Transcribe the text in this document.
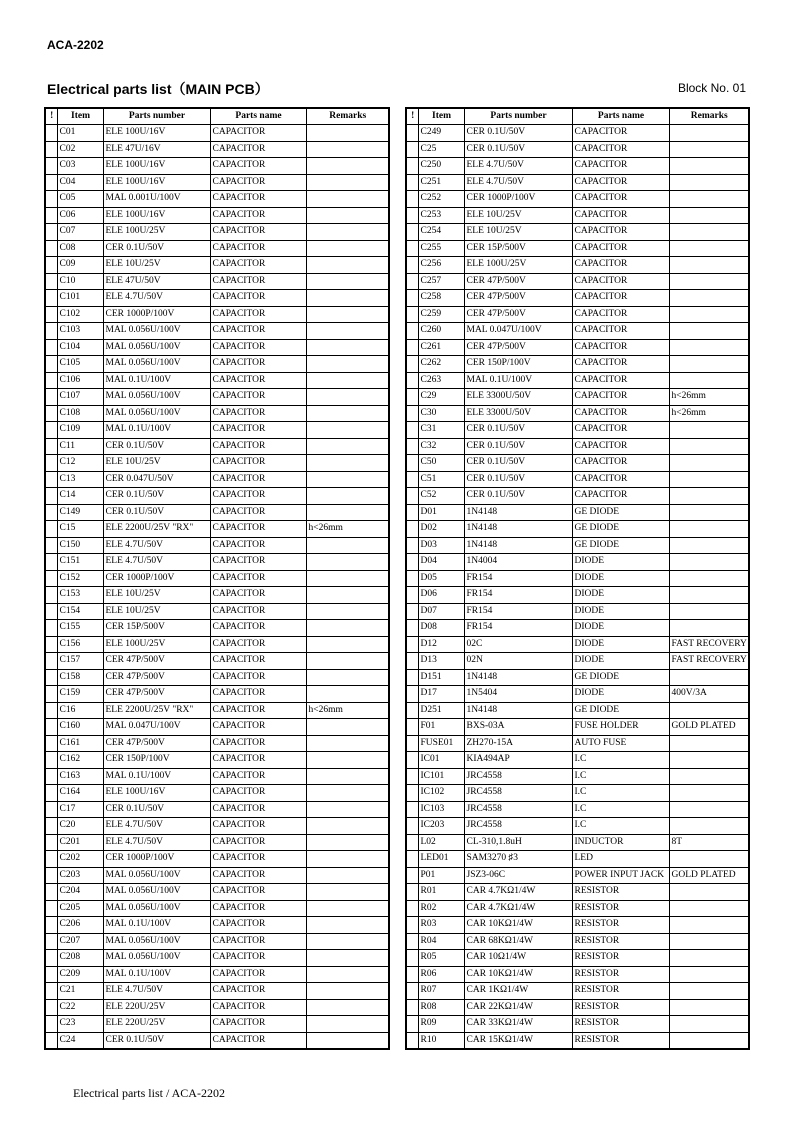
ACA-2202
Electrical parts list（MAIN PCB）	Block No. 01
!	Item	Parts number	Parts name	Remarks
	C01	ELE 100U/16V	CAPACITOR	
	C02	ELE 47U/16V	CAPACITOR	
	C03	ELE 100U/16V	CAPACITOR	
	C04	ELE 100U/16V	CAPACITOR	
	C05	MAL 0.001U/100V	CAPACITOR	
	C06	ELE 100U/16V	CAPACITOR	
	C07	ELE 100U/25V	CAPACITOR	
	C08	CER 0.1U/50V	CAPACITOR	
	C09	ELE 10U/25V	CAPACITOR	
	C10	ELE 47U/50V	CAPACITOR	
	C101	ELE 4.7U/50V	CAPACITOR	
	C102	CER 1000P/100V	CAPACITOR	
	C103	MAL 0.056U/100V	CAPACITOR	
	C104	MAL 0.056U/100V	CAPACITOR	
	C105	MAL 0.056U/100V	CAPACITOR	
	C106	MAL 0.1U/100V	CAPACITOR	
	C107	MAL 0.056U/100V	CAPACITOR	
	C108	MAL 0.056U/100V	CAPACITOR	
	C109	MAL 0.1U/100V	CAPACITOR	
	C11	CER 0.1U/50V	CAPACITOR	
	C12	ELE 10U/25V	CAPACITOR	
	C13	CER 0.047U/50V	CAPACITOR	
	C14	CER 0.1U/50V	CAPACITOR	
	C149	CER 0.1U/50V	CAPACITOR	
	C15	ELE 2200U/25V "RX"	CAPACITOR	h<26mm
	C150	ELE 4.7U/50V	CAPACITOR	
	C151	ELE 4.7U/50V	CAPACITOR	
	C152	CER 1000P/100V	CAPACITOR	
	C153	ELE 10U/25V	CAPACITOR	
	C154	ELE 10U/25V	CAPACITOR	
	C155	CER 15P/500V	CAPACITOR	
	C156	ELE 100U/25V	CAPACITOR	
	C157	CER 47P/500V	CAPACITOR	
	C158	CER 47P/500V	CAPACITOR	
	C159	CER 47P/500V	CAPACITOR	
	C16	ELE 2200U/25V "RX"	CAPACITOR	h<26mm
	C160	MAL 0.047U/100V	CAPACITOR	
	C161	CER 47P/500V	CAPACITOR	
	C162	CER 150P/100V	CAPACITOR	
	C163	MAL 0.1U/100V	CAPACITOR	
	C164	ELE 100U/16V	CAPACITOR	
	C17	CER 0.1U/50V	CAPACITOR	
	C20	ELE 4.7U/50V	CAPACITOR	
	C201	ELE 4.7U/50V	CAPACITOR	
	C202	CER 1000P/100V	CAPACITOR	
	C203	MAL 0.056U/100V	CAPACITOR	
	C204	MAL 0.056U/100V	CAPACITOR	
	C205	MAL 0.056U/100V	CAPACITOR	
	C206	MAL 0.1U/100V	CAPACITOR	
	C207	MAL 0.056U/100V	CAPACITOR	
	C208	MAL 0.056U/100V	CAPACITOR	
	C209	MAL 0.1U/100V	CAPACITOR	
	C21	ELE 4.7U/50V	CAPACITOR	
	C22	ELE 220U/25V	CAPACITOR	
	C23	ELE 220U/25V	CAPACITOR	
	C24	CER 0.1U/50V	CAPACITOR	
!	Item	Parts number	Parts name	Remarks
	C249	CER 0.1U/50V	CAPACITOR	
	C25	CER 0.1U/50V	CAPACITOR	
	C250	ELE 4.7U/50V	CAPACITOR	
	C251	ELE 4.7U/50V	CAPACITOR	
	C252	CER 1000P/100V	CAPACITOR	
	C253	ELE 10U/25V	CAPACITOR	
	C254	ELE 10U/25V	CAPACITOR	
	C255	CER 15P/500V	CAPACITOR	
	C256	ELE 100U/25V	CAPACITOR	
	C257	CER 47P/500V	CAPACITOR	
	C258	CER 47P/500V	CAPACITOR	
	C259	CER 47P/500V	CAPACITOR	
	C260	MAL 0.047U/100V	CAPACITOR	
	C261	CER 47P/500V	CAPACITOR	
	C262	CER 150P/100V	CAPACITOR	
	C263	MAL 0.1U/100V	CAPACITOR	
	C29	ELE 3300U/50V	CAPACITOR	h<26mm
	C30	ELE 3300U/50V	CAPACITOR	h<26mm
	C31	CER 0.1U/50V	CAPACITOR	
	C32	CER 0.1U/50V	CAPACITOR	
	C50	CER 0.1U/50V	CAPACITOR	
	C51	CER 0.1U/50V	CAPACITOR	
	C52	CER 0.1U/50V	CAPACITOR	
	D01	1N4148	GE DIODE	
	D02	1N4148	GE DIODE	
	D03	1N4148	GE DIODE	
	D04	1N4004	DIODE	
	D05	FR154	DIODE	
	D06	FR154	DIODE	
	D07	FR154	DIODE	
	D08	FR154	DIODE	
	D12	02C	DIODE	FAST RECOVERY
	D13	02N	DIODE	FAST RECOVERY
	D151	1N4148	GE DIODE	
	D17	1N5404	DIODE	400V/3A
	D251	1N4148	GE DIODE	
	F01	BXS-03A	FUSE HOLDER	GOLD PLATED
	FUSE01	ZH270-15A	AUTO FUSE	
	IC01	KIA494AP	I.C	
	IC101	JRC4558	I.C	
	IC102	JRC4558	I.C	
	IC103	JRC4558	I.C	
	IC203	JRC4558	I.C	
	L02	CL-310,1.8uH	INDUCTOR	8T
	LED01	SAM3270 ♯3	LED	
	P01	JSZ3-06C	POWER INPUT JACK	GOLD PLATED
	R01	CAR 4.7KΩ1/4W	RESISTOR	
	R02	CAR 4.7KΩ1/4W	RESISTOR	
	R03	CAR 10KΩ1/4W	RESISTOR	
	R04	CAR 68KΩ1/4W	RESISTOR	
	R05	CAR 10Ω1/4W	RESISTOR	
	R06	CAR 10KΩ1/4W	RESISTOR	
	R07	CAR 1KΩ1/4W	RESISTOR	
	R08	CAR 22KΩ1/4W	RESISTOR	
	R09	CAR 33KΩ1/4W	RESISTOR	
	R10	CAR 15KΩ1/4W	RESISTOR	
Electrical parts list / ACA-2202
